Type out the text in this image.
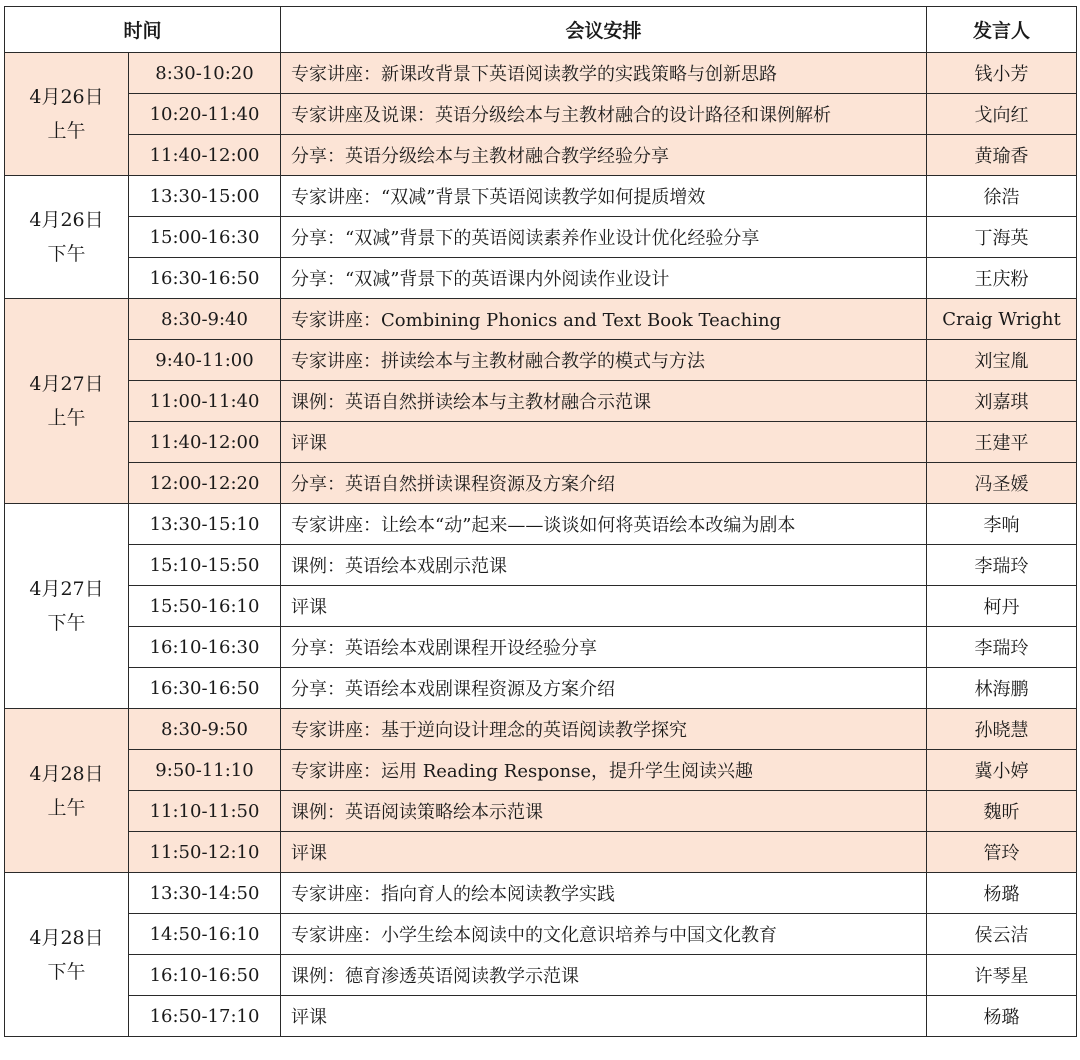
时间		会议安排	发言人

4月26日
上午	8:30-10:20	专家讲座：新课改背景下英语阅读教学的实践策略与创新思路	钱小芳
	10:20-11:40	专家讲座及说课：英语分级绘本与主教材融合的设计路径和课例解析	戈向红
	11:40-12:00	分享：英语分级绘本与主教材融合教学经验分享	黄瑜香

4月26日
下午	13:30-15:00	专家讲座：“双减”背景下英语阅读教学如何提质增效	徐浩
	15:00-16:30	分享：“双减”背景下的英语阅读素养作业设计优化经验分享	丁海英
	16:30-16:50	分享：“双减”背景下的英语课内外阅读作业设计	王庆粉

4月27日
上午	8:30-9:40	专家讲座：Combining Phonics and Text Book Teaching	Craig Wright
	9:40-11:00	专家讲座：拼读绘本与主教材融合教学的模式与方法	刘宝胤
	11:00-11:40	课例：英语自然拼读绘本与主教材融合示范课	刘嘉琪
	11:40-12:00	评课	王建平
	12:00-12:20	分享：英语自然拼读课程资源及方案介绍	冯圣媛

4月27日
下午	13:30-15:10	专家讲座：让绘本“动”起来——谈谈如何将英语绘本改编为剧本	李响
	15:10-15:50	课例：英语绘本戏剧示范课	李瑞玲
	15:50-16:10	评课	柯丹
	16:10-16:30	分享：英语绘本戏剧课程开设经验分享	李瑞玲
	16:30-16:50	分享：英语绘本戏剧课程资源及方案介绍	林海鹏

4月28日
上午	8:30-9:50	专家讲座：基于逆向设计理念的英语阅读教学探究	孙晓慧
	9:50-11:10	专家讲座：运用 Reading Response，提升学生阅读兴趣	冀小婷
	11:10-11:50	课例：英语阅读策略绘本示范课	魏昕
	11:50-12:10	评课	管玲

4月28日
下午	13:30-14:50	专家讲座：指向育人的绘本阅读教学实践	杨璐
	14:50-16:10	专家讲座：小学生绘本阅读中的文化意识培养与中国文化教育	侯云洁
	16:10-16:50	课例：德育渗透英语阅读教学示范课	许琴星
	16:50-17:10	评课	杨璐
